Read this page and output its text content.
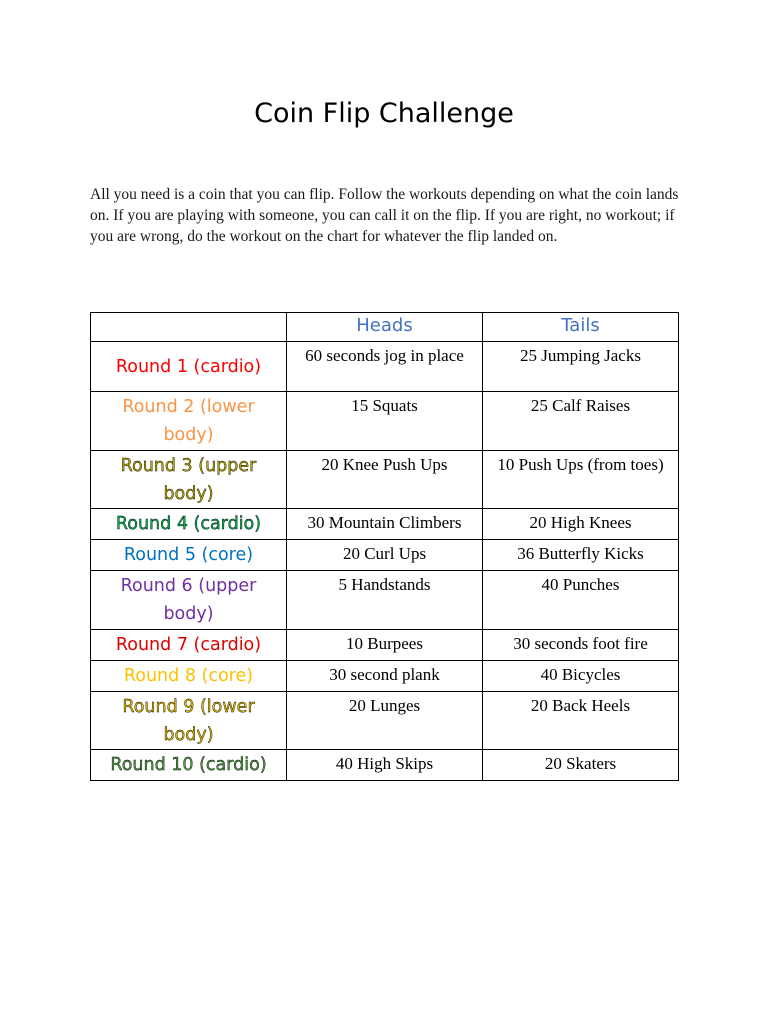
Coin Flip Challenge

All you need is a coin that you can flip. Follow the workouts depending on what the coin lands on. If you are playing with someone, you can call it on the flip. If you are right, no workout; if you are wrong, do the workout on the chart for whatever the flip landed on.

	Heads	Tails
Round 1 (cardio)	60 seconds jog in place	25 Jumping Jacks
Round 2 (lower body)	15 Squats	25 Calf Raises
Round 3 (upper body)	20 Knee Push Ups	10 Push Ups (from toes)
Round 4 (cardio)	30 Mountain Climbers	20 High Knees
Round 5 (core)	20 Curl Ups	36 Butterfly Kicks
Round 6 (upper body)	5 Handstands	40 Punches
Round 7 (cardio)	10 Burpees	30 seconds foot fire
Round 8 (core)	30 second plank	40 Bicycles
Round 9 (lower body)	20 Lunges	20 Back Heels
Round 10 (cardio)	40 High Skips	20 Skaters
